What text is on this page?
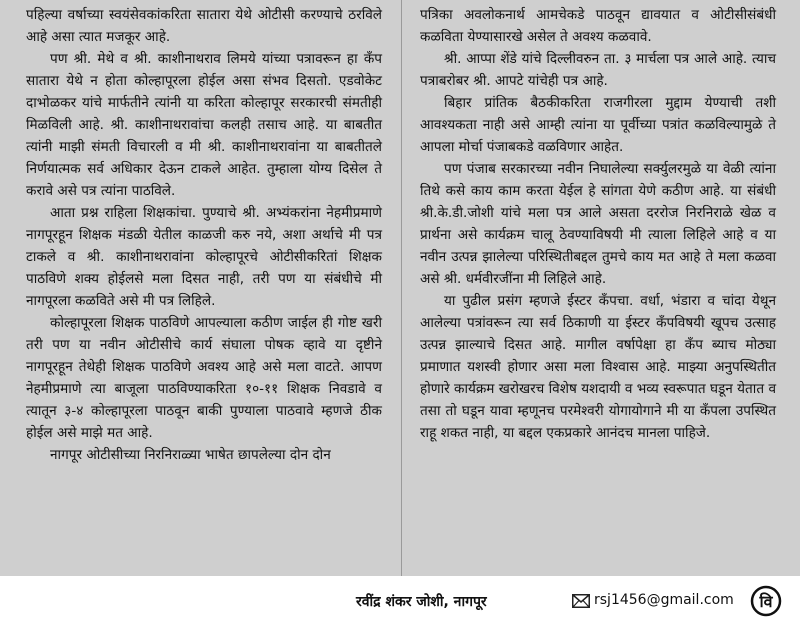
पहिल्या वर्षाच्या स्वयंसेवकांकरिता सातारा येथे ओटीसी करण्याचे ठरविले आहे असा त्यात मजकूर आहे.

पण श्री. मेथे व श्री. काशीनाथराव लिमये यांच्या पत्रावरून हा कॅंप सातारा येथे न होता कोल्हापूरला होईल असा संभव दिसतो. एडवोकेट दाभोळकर यांचे मार्फतीने त्यांनी या करिता कोल्हापूर सरकारची संमतीही मिळविली आहे. श्री. काशीनाथरावांचा कलही तसाच आहे. या बाबतीत त्यांनी माझी संमती विचारली व मी श्री. काशीनाथरावांना या बाबतीतले निर्णयात्मक सर्व अधिकार देऊन टाकले आहेत. तुम्हाला योग्य दिसेल ते करावे असे पत्र त्यांना पाठविले.

आता प्रश्न राहिला शिक्षकांचा. पुण्याचे श्री. अभ्यंकरांना नेहमीप्रमाणे नागपूरहून शिक्षक मंडळी येतील काळजी करु नये, अशा अर्थाचे मी पत्र टाकले व श्री. काशीनाथरावांना कोल्हापूरचे ओटीसीकरितां शिक्षक पाठविणे शक्य होईलसे मला दिसत नाही, तरी पण या संबंधीचे मी नागपूरला कळविते असे मी पत्र लिहिले.

कोल्हापूरला शिक्षक पाठविणे आपल्याला कठीण जाईल ही गोष्ट खरी तरी पण या नवीन ओटीसीचे कार्य संघाला पोषक व्हावे या दृष्टीने नागपूरहून तेथेही शिक्षक पाठविणे अवश्य आहे असे मला वाटते. आपण नेहमीप्रमाणे त्या बाजूला पाठविण्याकरिता १०-११ शिक्षक निवडावे व त्यातून ३-४ कोल्हापूरला पाठवून बाकी पुण्याला पाठवावे म्हणजे ठीक होईल असे माझे मत आहे.

नागपूर ओटीसीच्या निरनिराळ्या भाषेत छापलेल्या दोन दोन

पत्रिका अवलोकनार्थ आमचेकडे पाठवून द्यावयात व ओटीसीसंबंधी कळविता येण्यासारखे असेल ते अवश्य कळवावे.

श्री. आप्पा शेंडे यांचे दिल्लीवरुन ता. ३ मार्चला पत्र आले आहे. त्याच पत्राबरोबर श्री. आपटे यांचेही पत्र आहे.

बिहार प्रांतिक बैठकीकरिता राजगीरला मुद्दाम येण्याची तशी आवश्यकता नाही असे आम्ही त्यांना या पूर्वीच्या पत्रांत कळविल्यामुळे ते आपला मोर्चा पंजाबकडे वळविणार आहेत.

पण पंजाब सरकारच्या नवीन निघालेल्या सर्क्युलरमुळे या वेळी त्यांना तिथे कसे काय काम करता येईल हे सांगता येणे कठीण आहे. या संबंधी श्री.के.डी.जोशी यांचे मला पत्र आले असता दररोज निरनिराळे खेळ व प्रार्थना असे कार्यक्रम चालू ठेवण्याविषयी मी त्याला लिहिले आहे व या नवीन उत्पन्न झालेल्या परिस्थितीबद्दल तुमचे काय मत आहे ते मला कळवा असे श्री. धर्मवीरजींना मी लिहिले आहे.

या पुढील प्रसंग म्हणजे ईस्टर कॅंपचा. वर्धा, भंडारा व चांदा येथून आलेल्या पत्रांवरून त्या सर्व ठिकाणी या ईस्टर कॅंपविषयी खूपच उत्साह उत्पन्न झाल्याचे दिसत आहे. मागील वर्षापेक्षा हा कॅंप ब्‍याच मोठ्या प्रमाणात यशस्वी होणार असा मला विश्वास आहे. माझ्या अनुपस्थितीत होणारे कार्यक्रम खरोखरच विशेष यशदायी व भव्य स्वरूपात घडून येतात व तसा तो घडून यावा म्हणूनच परमेश्वरी योगायोगाने मी या कॅंपला उपस्थित राहू शकत नाही, या बद्दल एकप्रकारे आनंदच मानला पाहिजे.

रवींद्र शंकर जोशी, नागपूर	rsj1456@gmail.com वि
